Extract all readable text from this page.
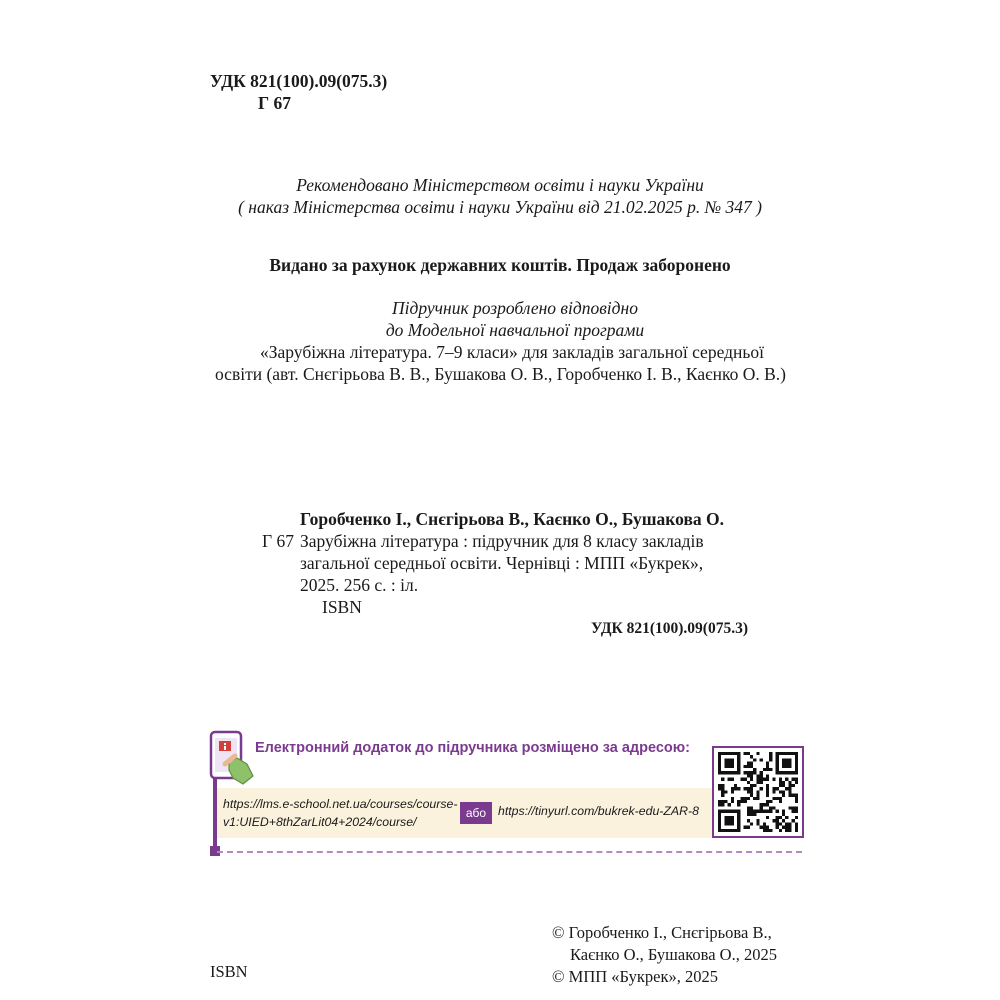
УДК 821(100).09(075.3)
Г 67
Рекомендовано Міністерством освіти і науки України
( наказ Міністерства освіти і науки України від 21.02.2025 р. № 347 )
Видано за рахунок державних коштів. Продаж заборонено
Підручник розроблено відповідно
до Модельної навчальної програми
«Зарубіжна література. 7–9 класи» для закладів загальної середньої
освіти (авт. Снєгірьова В. В., Бушакова О. В., Горобченко І. В., Каєнко О. В.)
Горобченко І., Снєгірьова В., Каєнко О., Бушакова О.
Г 67 Зарубіжна література : підручник для 8 класу закладів
загальної середньої освіти. Чернівці : МПП «Букрек»,
2025. 256 с. : іл.
ISBN
УДК 821(100).09(075.3)
Електронний додаток до підручника розміщено за адресою:
https://lms.e-school.net.ua/courses/course-
v1:UIED+8thZarLit04+2024/course/
або https://tinyurl.com/bukrek-edu-ZAR-8
© Горобченко І., Снєгірьова В.,
Каєнко О., Бушакова О., 2025
© МПП «Букрек», 2025
ISBN
